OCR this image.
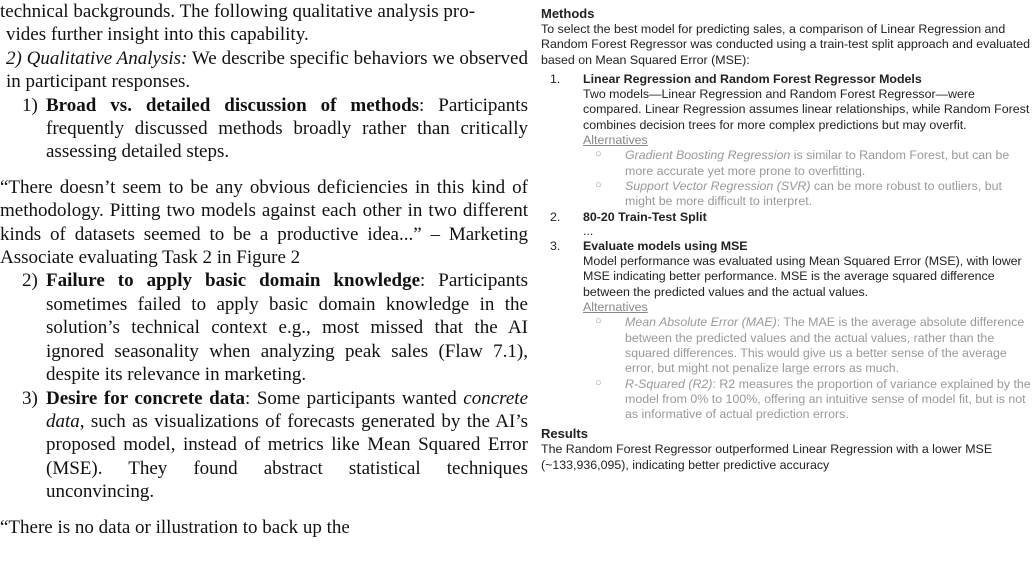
technical backgrounds. The following qualitative analysis pro-

vides further insight into this capability.

2) Qualitative Analysis: We describe specific behaviors we observed in participant responses.

1) Broad vs. detailed discussion of methods: Participants frequently discussed methods broadly rather than critically assessing detailed steps.

“There doesn’t seem to be any obvious deficiencies in this kind of methodology. Pitting two models against each other in two different kinds of datasets seemed to be a productive idea...” – Marketing Associate evaluating Task 2 in Figure 2

2) Failure to apply basic domain knowledge: Participants sometimes failed to apply basic domain knowledge in the solution’s technical context e.g., most missed that the AI ignored seasonality when analyzing peak sales (Flaw 7.1), despite its relevance in marketing.
3) Desire for concrete data: Some participants wanted concrete data, such as visualizations of forecasts generated by the AI’s proposed model, instead of metrics like Mean Squared Error (MSE). They found abstract statistical techniques unconvincing.

“There is no data or illustration to back up the

Methods

To select the best model for predicting sales, a comparison of Linear Regression and Random Forest Regressor was conducted using a train-test split approach and evaluated based on Mean Squared Error (MSE):

1. Linear Regression and Random Forest Regressor Models

Two models—Linear Regression and Random Forest Regressor—were compared. Linear Regression assumes linear relationships, while Random Forest combines decision trees for more complex predictions but may overfit.

Alternatives
○ Gradient Boosting Regression is similar to Random Forest, but can be more accurate yet more prone to overfitting.
○ Support Vector Regression (SVR) can be more robust to outliers, but might be more difficult to interpret.
2. 80-20 Train-Test Split
...
3. Evaluate models using MSE

Model performance was evaluated using Mean Squared Error (MSE), with lower MSE indicating better performance. MSE is the average squared difference between the predicted values and the actual values.

Alternatives
○ Mean Absolute Error (MAE): The MAE is the average absolute difference between the predicted values and the actual values, rather than the squared differences. This would give us a better sense of the average error, but might not penalize large errors as much.
○ R-Squared (R2): R2 measures the proportion of variance explained by the model from 0% to 100%, offering an intuitive sense of model fit, but is not as informative of actual prediction errors.
Results

The Random Forest Regressor outperformed Linear Regression with a lower MSE (~133,936,095), indicating better predictive accuracy
